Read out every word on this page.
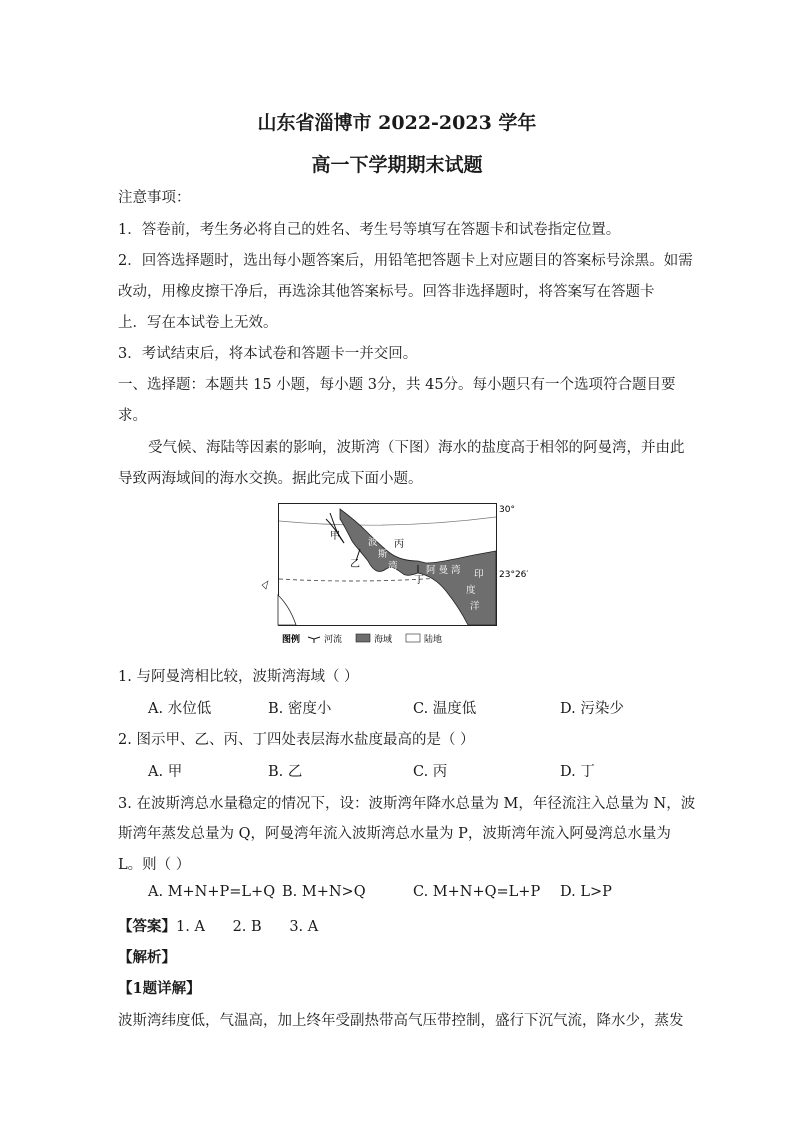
山东省淄博市 2022-2023 学年
高一下学期期末试题
注意事项：
1．答卷前，考生务必将自己的姓名、考生号等填写在答题卡和试卷指定位置。
2．回答选择题时，选出每小题答案后，用铅笔把答题卡上对应题目的答案标号涂黑。如需
改动，用橡皮擦干净后，再选涂其他答案标号。回答非选择题时，将答案写在答题卡
上．写在本试卷上无效。
3．考试结束后，将本试卷和答题卡一并交回。
一、选择题：本题共 15 小题，每小题 3分，共 45分。每小题只有一个选项符合题目要
求。
受气候、海陆等因素的影响，波斯湾（下图）海水的盐度高于相邻的阿曼湾，并由此
导致两海域间的海水交换。据此完成下面小题。
30°
23°26′
甲
乙
丙
丁
波
斯
湾	阿 曼 湾 印
度
洋
图例	河流	海域	陆地
1. 与阿曼湾相比较，波斯湾海域（ ）
A. 水位低	B. 密度小	C. 温度低	D. 污染少
2. 图示甲、乙、丙、丁四处表层海水盐度最高的是（ ）
A. 甲	B. 乙	C. 丙	D. 丁
3. 在波斯湾总水量稳定的情况下，设：波斯湾年降水总量为 M，年径流注入总量为 N，波
斯湾年蒸发总量为 Q，阿曼湾年流入波斯湾总水量为 P，波斯湾年流入阿曼湾总水量为
L。则（ ）
A. M+N+P=L+Q B. M+N>Q	C. M+N+Q=L+P D. L>P
【答案】1. A      2. B      3. A
【解析】
【1题详解】
波斯湾纬度低，气温高，加上终年受副热带高气压带控制，盛行下沉气流，降水少，蒸发
